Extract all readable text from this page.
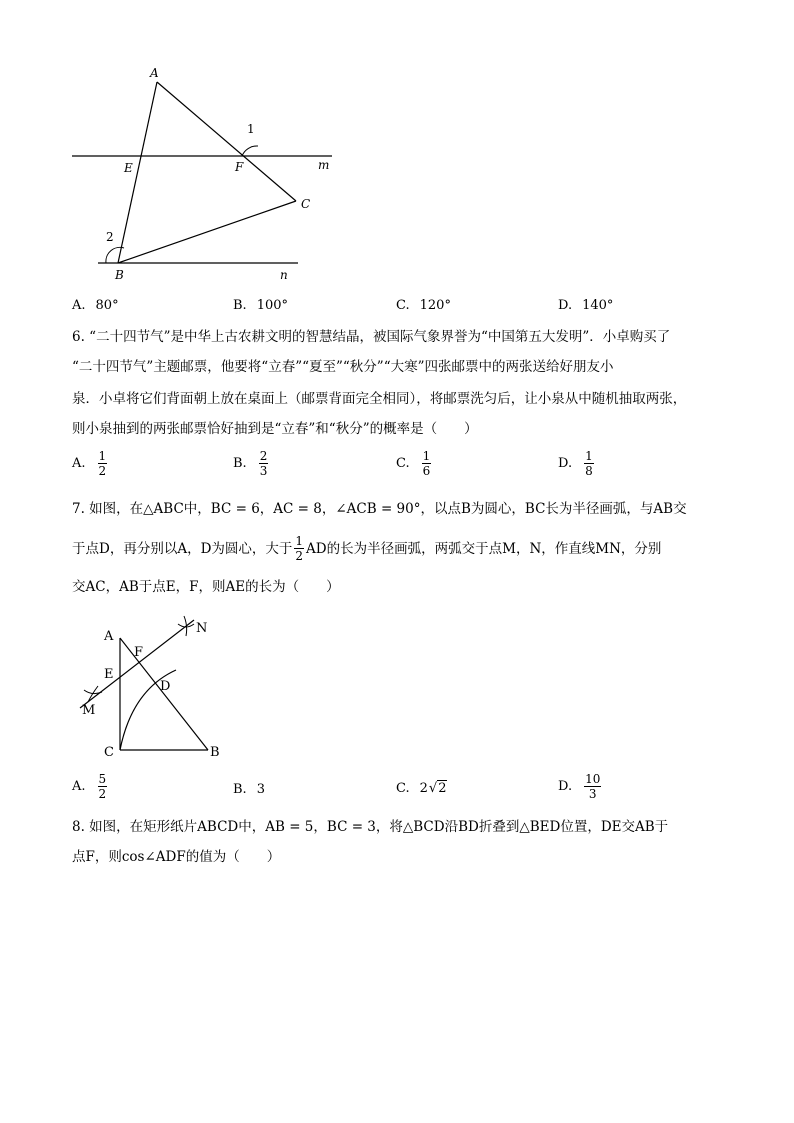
A
E	F	m
1
C
2
B	n
A. 80°	B. 100°	C. 120°	D. 140°
6. “二十四节气”是中华上古农耕文明的智慧结晶，被国际气象界誉为“中国第五大发明”．小卓购买了
“二十四节气”主题邮票，他要将“立春”“夏至”“秋分”“大寒”四张邮票中的两张送给好朋友小
泉．小卓将它们背面朝上放在桌面上（邮票背面完全相同），将邮票洗匀后，让小泉从中随机抽取两张，
则小泉抽到的两张邮票恰好抽到是“立春”和“秋分”的概率是（　　）
A. $\frac{1}{2}$	B. $\frac{2}{3}$	C. $\frac{1}{6}$	D. $\frac{1}{8}$
7. 如图，在△ABC中，BC = 6，AC = 8，∠ACB = 90°，以点B为圆心，BC长为半径画弧，与AB交
于点D，再分别以A，D为圆心，大于 $\frac{1}{2}$ AD的长为半径画弧，两弧交于点M，N，作直线MN，分别
交AC，AB于点E，F，则AE的长为（　　）
A
N
F
E
D
M
C	B
A. $\frac{5}{2}$	B. 3	C. 2 √ 2	D. $\frac{10}{3}$
8. 如图，在矩形纸片ABCD中，AB = 5，BC = 3，将△BCD沿BD折叠到△BED位置，DE交AB于
点F，则cos∠ADF的值为（　　）
